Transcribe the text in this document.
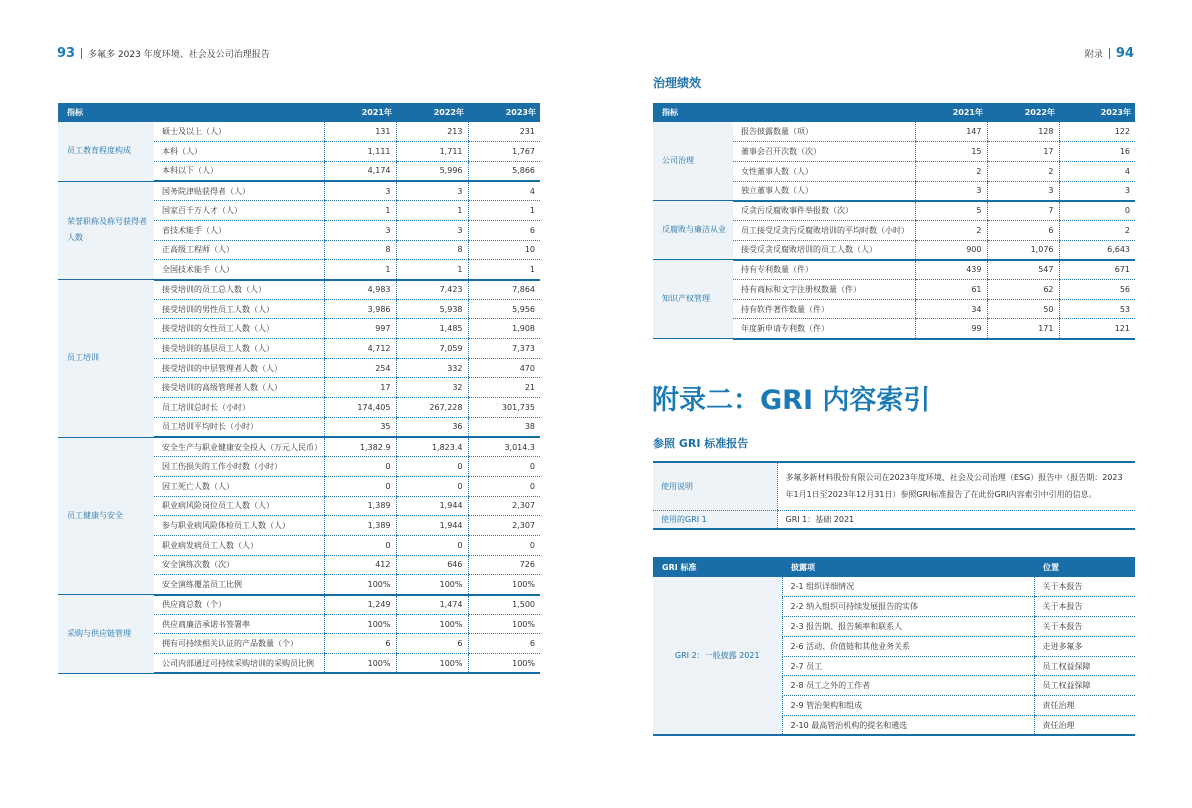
93 多氟多 2023 年度环境、社会及公司治理报告	附录 94
指标		2021年	2022年	2023年
员工教育程度构成	硕士及以上（人）	131	213	231
	本科（人）	1,111	1,711	1,767
	本科以下（人）	4,174	5,996	5,866
荣誉职称及称号获得者人数	国务院津贴获得者（人）	3	3	4
	国家百千万人才（人）	1	1	1
	省技术能手（人）	3	3	6
	正高级工程师（人）	8	8	10
	全国技术能手（人）	1	1	1
员工培训	接受培训的员工总人数（人）	4,983	7,423	7,864
	接受培训的男性员工人数（人）	3,986	5,938	5,956
	接受培训的女性员工人数（人）	997	1,485	1,908
	接受培训的基层员工人数（人）	4,712	7,059	7,373
	接受培训的中层管理者人数（人）	254	332	470
	接受培训的高级管理者人数（人）	17	32	21
	员工培训总时长（小时）	174,405	267,228	301,735
	员工培训平均时长（小时）	35	36	38
员工健康与安全	安全生产与职业健康安全投入（万元人民币）	1,382.9	1,823.4	3,014.3
	因工伤损失的工作小时数（小时）	0	0	0
	因工死亡人数（人）	0	0	0
	职业病风险岗位员工人数（人）	1,389	1,944	2,307
	参与职业病风险体检员工人数（人）	1,389	1,944	2,307
	职业病发病员工人数（人）	0	0	0
	安全演练次数（次）	412	646	726
	安全演练覆盖员工比例	100%	100%	100%
采购与供应链管理	供应商总数（个）	1,249	1,474	1,500
	供应商廉洁承诺书签署率	100%	100%	100%
	拥有可持续相关认证的产品数量（个）	6	6	6
	公司内部通过可持续采购培训的采购员比例	100%	100%	100%
治理绩效
指标		2021年	2022年	2023年
公司治理	报告披露数量（项）	147	128	122
	董事会召开次数（次）	15	17	16
	女性董事人数（人）	2	2	4
	独立董事人数（人）	3	3	3
反腐败与廉洁从业	反贪污反腐败事件举报数（次）	5	7	0
	员工接受反贪污反腐败培训的平均时数（小时）	2	6	2
	接受反贪反腐败培训的员工人数（人）	900	1,076	6,643
知识产权管理	持有专利数量（件）	439	547	671
	持有商标和文字注册权数量（件）	61	62	56
	持有软件著作数量（件）	34	50	53
	年度新申请专利数（件）	99	171	121
附录二：GRI 内容索引
参照 GRI 标准报告
使用说明	多氟多新材料股份有限公司在2023年度环境、社会及公司治理（ESG）报告中（报告期：2023年1月1日至2023年12月31日）参照GRI标准报告了在此份GRI内容索引中引用的信息。
使用的GRI 1	GRI 1：基础 2021
GRI 标准	披露项	位置
GRI 2：一般披露 2021	2-1 组织详细情况	关于本报告
	2-2 纳入组织可持续发展报告的实体	关于本报告
	2-3 报告期、报告频率和联系人	关于本报告
	2-6 活动、价值链和其他业务关系	走进多氟多
	2-7 员工	员工权益保障
	2-8 员工之外的工作者	员工权益保障
	2-9 管治架构和组成	责任治理
	2-10 最高管治机构的提名和遴选	责任治理
